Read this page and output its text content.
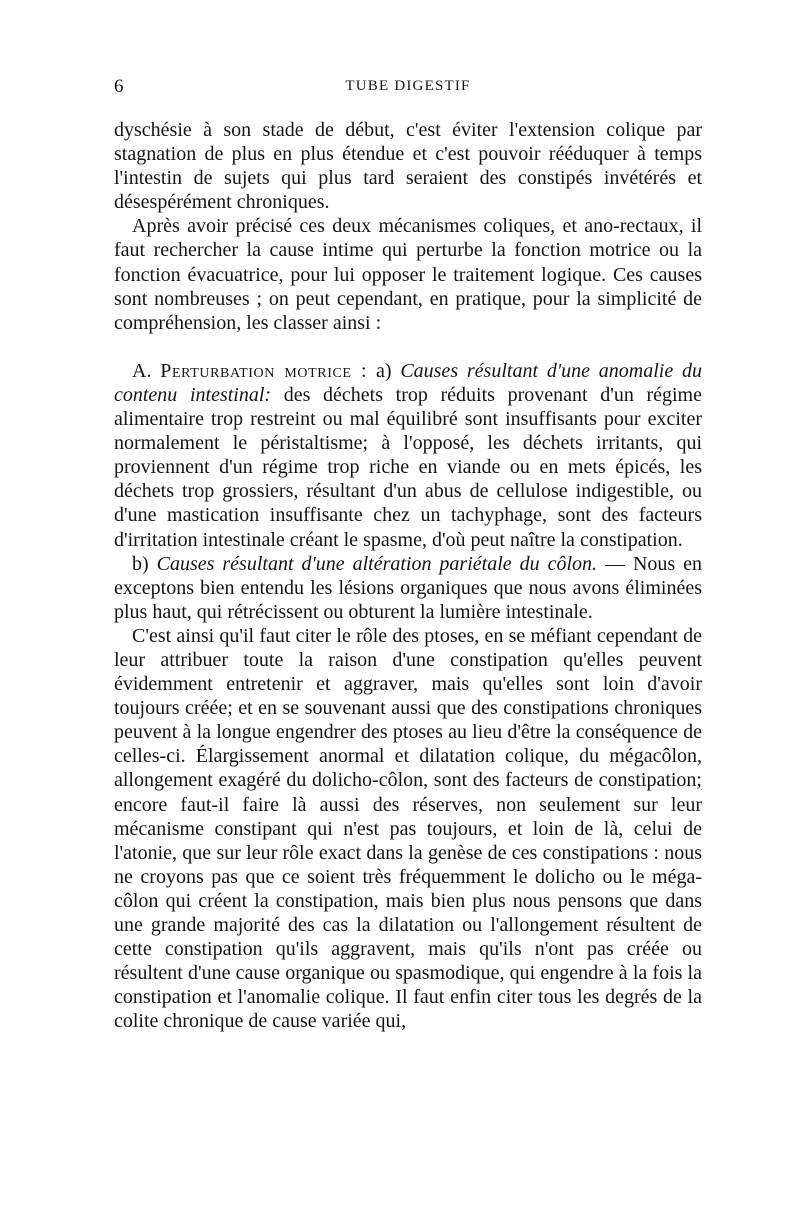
6	TUBE DIGESTIF

dyschésie à son stade de début, c'est éviter l'extension colique par stagnation de plus en plus étendue et c'est pouvoir rééduquer à temps l'intestin de sujets qui plus tard seraient des constipés invétérés et désespérément chroniques.

Après avoir précisé ces deux mécanismes coliques, et ano-rectaux, il faut rechercher la cause intime qui perturbe la fonction motrice ou la fonction évacuatrice, pour lui opposer le traitement logique. Ces causes sont nombreuses ; on peut cependant, en pratique, pour la simplicité de compréhension, les classer ainsi :

A. Perturbation motrice : a) Causes résultant d'une anomalie du contenu intestinal: des déchets trop réduits provenant d'un régime alimentaire trop restreint ou mal équilibré sont insuffisants pour exciter normalement le péristaltisme; à l'opposé, les déchets irritants, qui proviennent d'un régime trop riche en viande ou en mets épicés, les déchets trop grossiers, résultant d'un abus de cellulose indigestible, ou d'une mastication insuffisante chez un tachyphage, sont des facteurs d'irritation intestinale créant le spasme, d'où peut naître la constipation.

b) Causes résultant d'une altération pariétale du côlon. — Nous en exceptons bien entendu les lésions organiques que nous avons éliminées plus haut, qui rétrécissent ou obturent la lumière intestinale.

C'est ainsi qu'il faut citer le rôle des ptoses, en se méfiant cependant de leur attribuer toute la raison d'une constipation qu'elles peuvent évidemment entretenir et aggraver, mais qu'elles sont loin d'avoir toujours créée; et en se souvenant aussi que des constipations chroniques peuvent à la longue engendrer des ptoses au lieu d'être la conséquence de celles-ci. Élargissement anormal et dilatation colique, du mégacôlon, allongement exagéré du dolicho-côlon, sont des facteurs de constipation; encore faut-il faire là aussi des réserves, non seulement sur leur mécanisme constipant qui n'est pas toujours, et loin de là, celui de l'atonie, que sur leur rôle exact dans la genèse de ces constipations : nous ne croyons pas que ce soient très fréquemment le dolicho ou le méga-côlon qui créent la constipation, mais bien plus nous pensons que dans une grande majorité des cas la dilatation ou l'allongement résultent de cette constipation qu'ils aggravent, mais qu'ils n'ont pas créée ou résultent d'une cause organique ou spasmodique, qui engendre à la fois la constipation et l'anomalie colique. Il faut enfin citer tous les degrés de la colite chronique de cause variée qui,
